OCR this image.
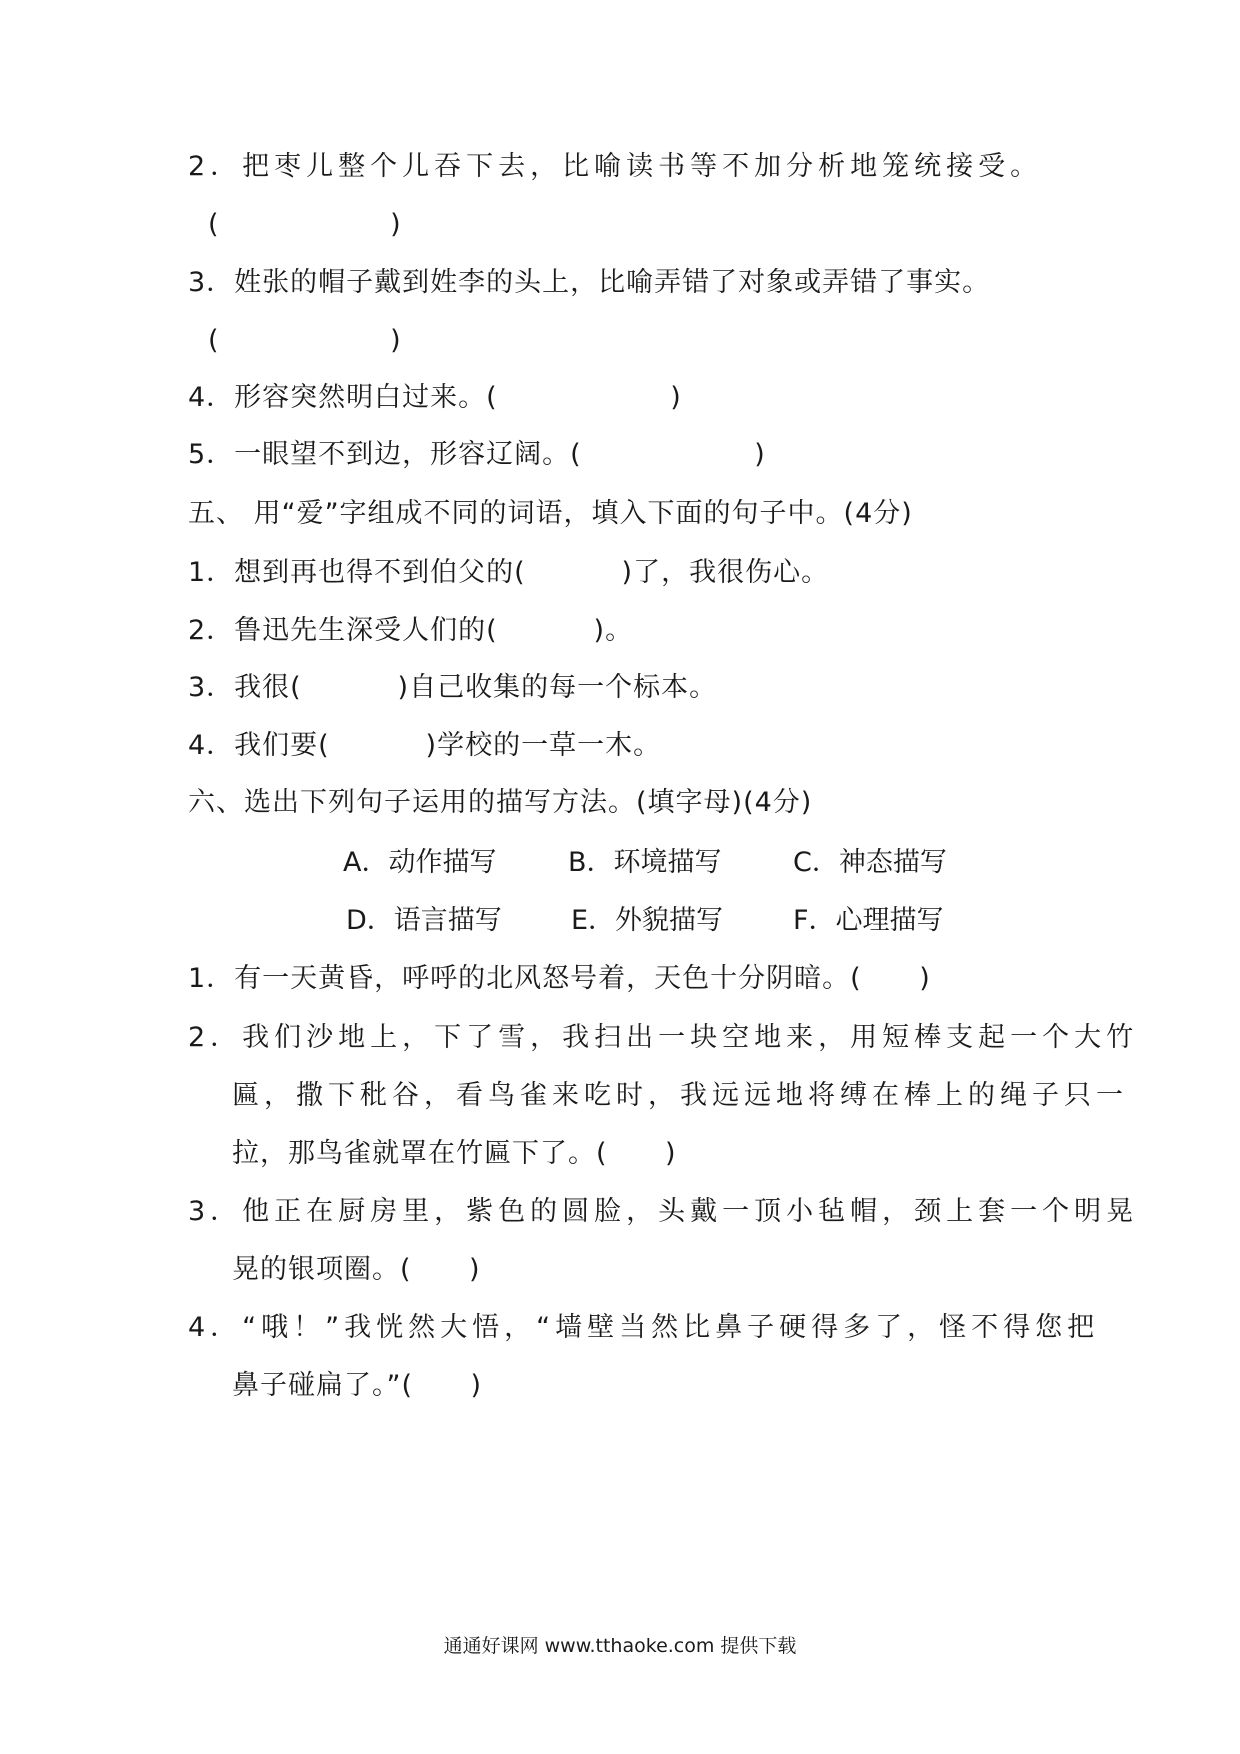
2．把枣儿整个儿吞下去，比喻读书等不加分析地笼统接受。
(                    )
3．姓张的帽子戴到姓李的头上，比喻弄错了对象或弄错了事实。
(                    )
4．形容突然明白过来。(                  )
5．一眼望不到边，形容辽阔。(                  )
五、 用“爱”字组成不同的词语，填入下面的句子中。(4分)
1．想到再也得不到伯父的(          )了，我很伤心。
2．鲁迅先生深受人们的(          )。
3．我很(          )自己收集的每一个标本。
4．我们要(          )学校的一草一木。
六、选出下列句子运用的描写方法。(填字母)(4分)
A．动作描写	B．环境描写	C．神态描写
D．语言描写	E．外貌描写	F．心理描写
1．有一天黄昏，呼呼的北风怒号着，天色十分阴暗。(      )
2．我们沙地上，下了雪，我扫出一块空地来，用短棒支起一个大竹
匾，撒下秕谷，看鸟雀来吃时，我远远地将缚在棒上的绳子只一
拉，那鸟雀就罩在竹匾下了。(      )
3．他正在厨房里，紫色的圆脸，头戴一顶小毡帽，颈上套一个明晃
晃的银项圈。(      )
4．“哦！”我恍然大悟，“墙壁当然比鼻子硬得多了，怪不得您把
鼻子碰扁了。”(      )
通通好课网 www.tthaoke.com 提供下载
